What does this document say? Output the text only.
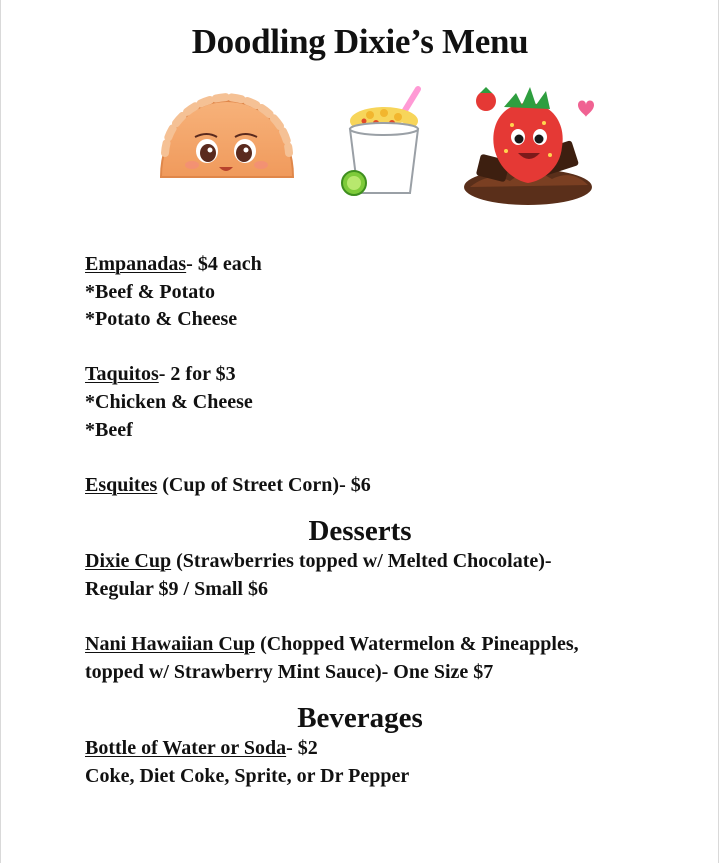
Doodling Dixie’s Menu
Empanadas- $4 each
*Beef & Potato
*Potato & Cheese
Taquitos- 2 for $3
*Chicken & Cheese
*Beef
Esquites (Cup of Street Corn)- $6
Desserts
Dixie Cup (Strawberries topped w/ Melted Chocolate)-
Regular $9 / Small $6
Nani Hawaiian Cup (Chopped Watermelon & Pineapples,
topped w/ Strawberry Mint Sauce)- One Size $7
Beverages
Bottle of Water or Soda- $2
Coke, Diet Coke, Sprite, or Dr Pepper
